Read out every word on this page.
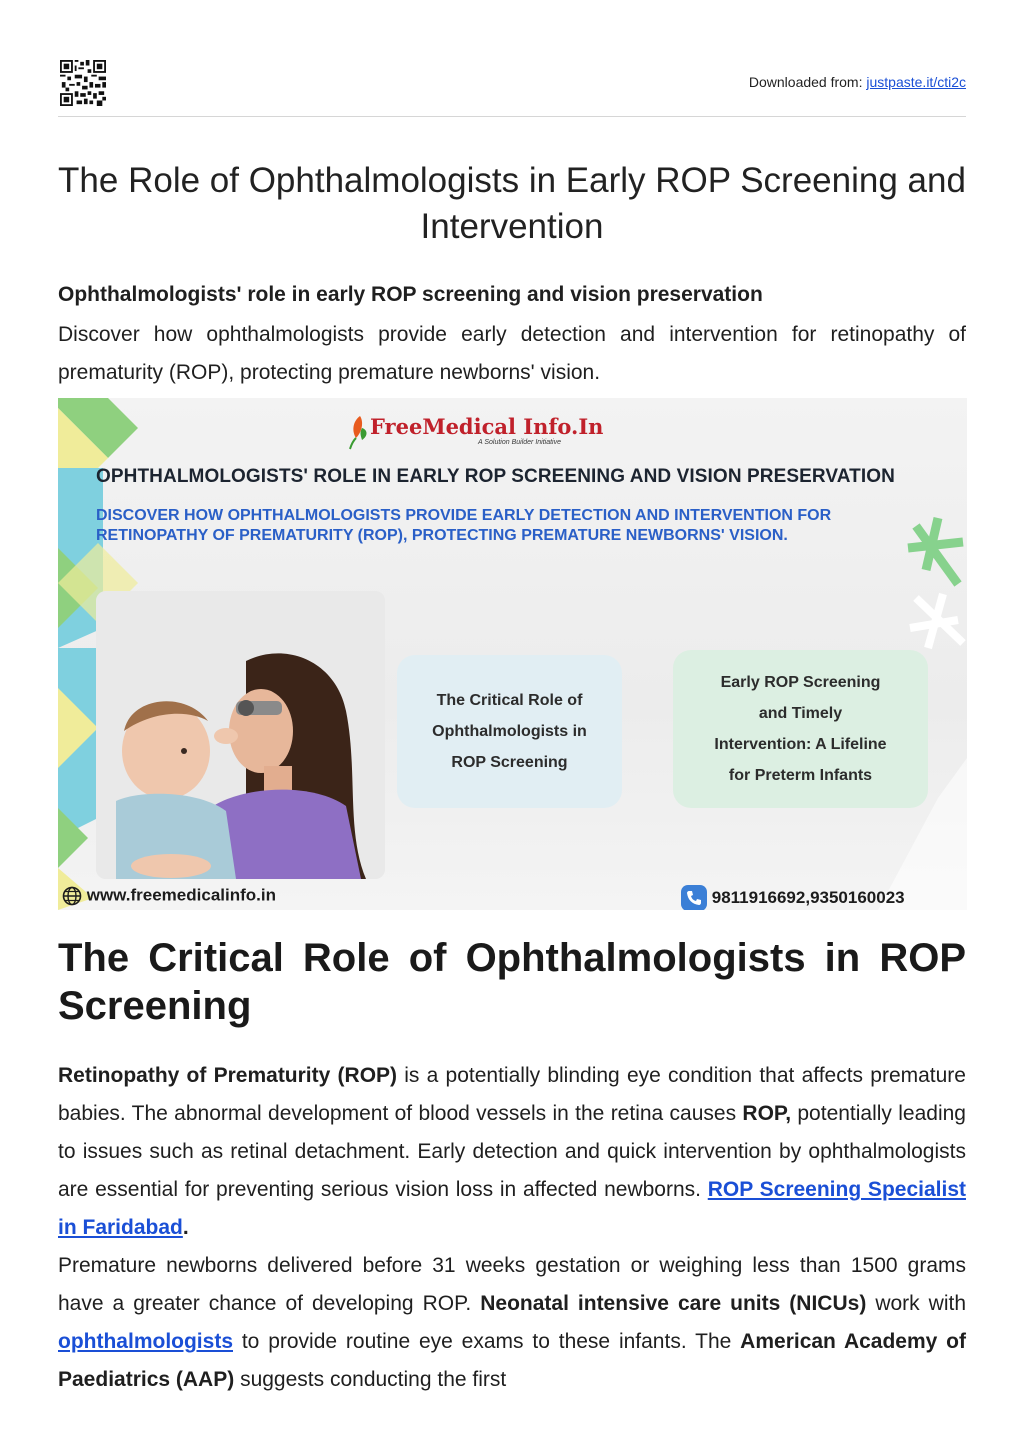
Downloaded from: justpaste.it/cti2c
The Role of Ophthalmologists in Early ROP Screening and Intervention
Ophthalmologists' role in early ROP screening and vision preservation

Discover how ophthalmologists provide early detection and intervention for retinopathy of prematurity (ROP), protecting premature newborns' vision.

FreeMedical Info.In
A Solution Builder Initiative
OPHTHALMOLOGISTS' ROLE IN EARLY ROP SCREENING AND VISION PRESERVATION

DISCOVER HOW OPHTHALMOLOGISTS PROVIDE EARLY DETECTION AND INTERVENTION FOR RETINOPATHY OF PREMATURITY (ROP), PROTECTING PREMATURE NEWBORNS' VISION.

The Critical Role of
Ophthalmologists in
ROP Screening
Early ROP Screening
and Timely
Intervention: A Lifeline
for Preterm Infants
www.freemedicalinfo.in	9811916692,9350160023
The Critical Role of Ophthalmologists in ROP Screening

Retinopathy of Prematurity (ROP) is a potentially blinding eye condition that affects premature babies. The abnormal development of blood vessels in the retina causes ROP, potentially leading to issues such as retinal detachment. Early detection and quick intervention by ophthalmologists are essential for preventing serious vision loss in affected newborns. ROP Screening Specialist in Faridabad.

Premature newborns delivered before 31 weeks gestation or weighing less than 1500 grams have a greater chance of developing ROP. Neonatal intensive care units (NICUs) work with ophthalmologists to provide routine eye exams to these infants. The American Academy of Paediatrics (AAP) suggests conducting the first
